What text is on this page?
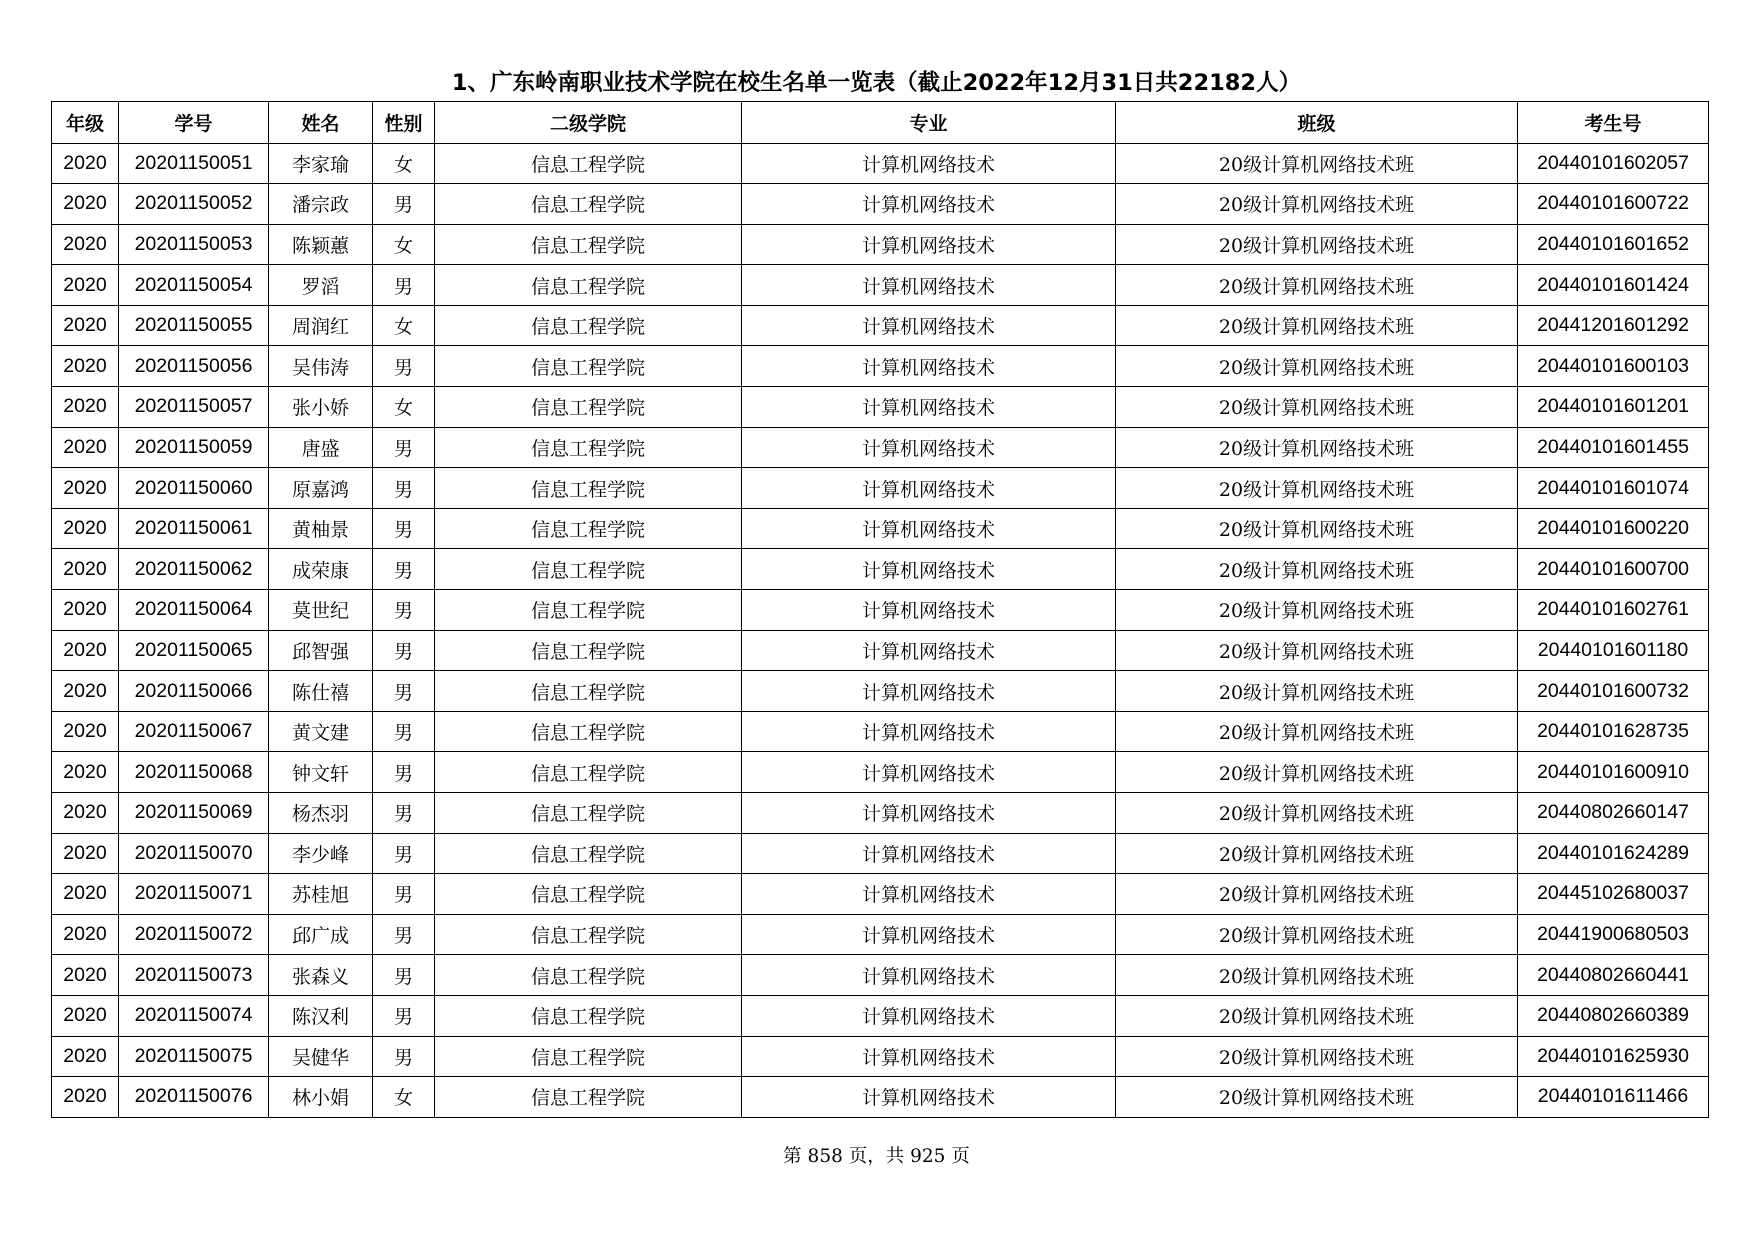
1、广东岭南职业技术学院在校生名单一览表（截止2022年12月31日共22182人）
年级	学号	姓名	性别	二级学院	专业	班级	考生号
2020	20201150051	李家瑜	女	信息工程学院	计算机网络技术	20级计算机网络技术班	20440101602057
2020	20201150052	潘宗政	男	信息工程学院	计算机网络技术	20级计算机网络技术班	20440101600722
2020	20201150053	陈颖蕙	女	信息工程学院	计算机网络技术	20级计算机网络技术班	20440101601652
2020	20201150054	罗滔	男	信息工程学院	计算机网络技术	20级计算机网络技术班	20440101601424
2020	20201150055	周润红	女	信息工程学院	计算机网络技术	20级计算机网络技术班	20441201601292
2020	20201150056	吴伟涛	男	信息工程学院	计算机网络技术	20级计算机网络技术班	20440101600103
2020	20201150057	张小娇	女	信息工程学院	计算机网络技术	20级计算机网络技术班	20440101601201
2020	20201150059	唐盛	男	信息工程学院	计算机网络技术	20级计算机网络技术班	20440101601455
2020	20201150060	原嘉鸿	男	信息工程学院	计算机网络技术	20级计算机网络技术班	20440101601074
2020	20201150061	黄柚景	男	信息工程学院	计算机网络技术	20级计算机网络技术班	20440101600220
2020	20201150062	成荣康	男	信息工程学院	计算机网络技术	20级计算机网络技术班	20440101600700
2020	20201150064	莫世纪	男	信息工程学院	计算机网络技术	20级计算机网络技术班	20440101602761
2020	20201150065	邱智强	男	信息工程学院	计算机网络技术	20级计算机网络技术班	20440101601180
2020	20201150066	陈仕禧	男	信息工程学院	计算机网络技术	20级计算机网络技术班	20440101600732
2020	20201150067	黄文建	男	信息工程学院	计算机网络技术	20级计算机网络技术班	20440101628735
2020	20201150068	钟文轩	男	信息工程学院	计算机网络技术	20级计算机网络技术班	20440101600910
2020	20201150069	杨杰羽	男	信息工程学院	计算机网络技术	20级计算机网络技术班	20440802660147
2020	20201150070	李少峰	男	信息工程学院	计算机网络技术	20级计算机网络技术班	20440101624289
2020	20201150071	苏桂旭	男	信息工程学院	计算机网络技术	20级计算机网络技术班	20445102680037
2020	20201150072	邱广成	男	信息工程学院	计算机网络技术	20级计算机网络技术班	20441900680503
2020	20201150073	张森义	男	信息工程学院	计算机网络技术	20级计算机网络技术班	20440802660441
2020	20201150074	陈汉利	男	信息工程学院	计算机网络技术	20级计算机网络技术班	20440802660389
2020	20201150075	吴健华	男	信息工程学院	计算机网络技术	20级计算机网络技术班	20440101625930
2020	20201150076	林小娟	女	信息工程学院	计算机网络技术	20级计算机网络技术班	20440101611466
第 858 页，共 925 页
